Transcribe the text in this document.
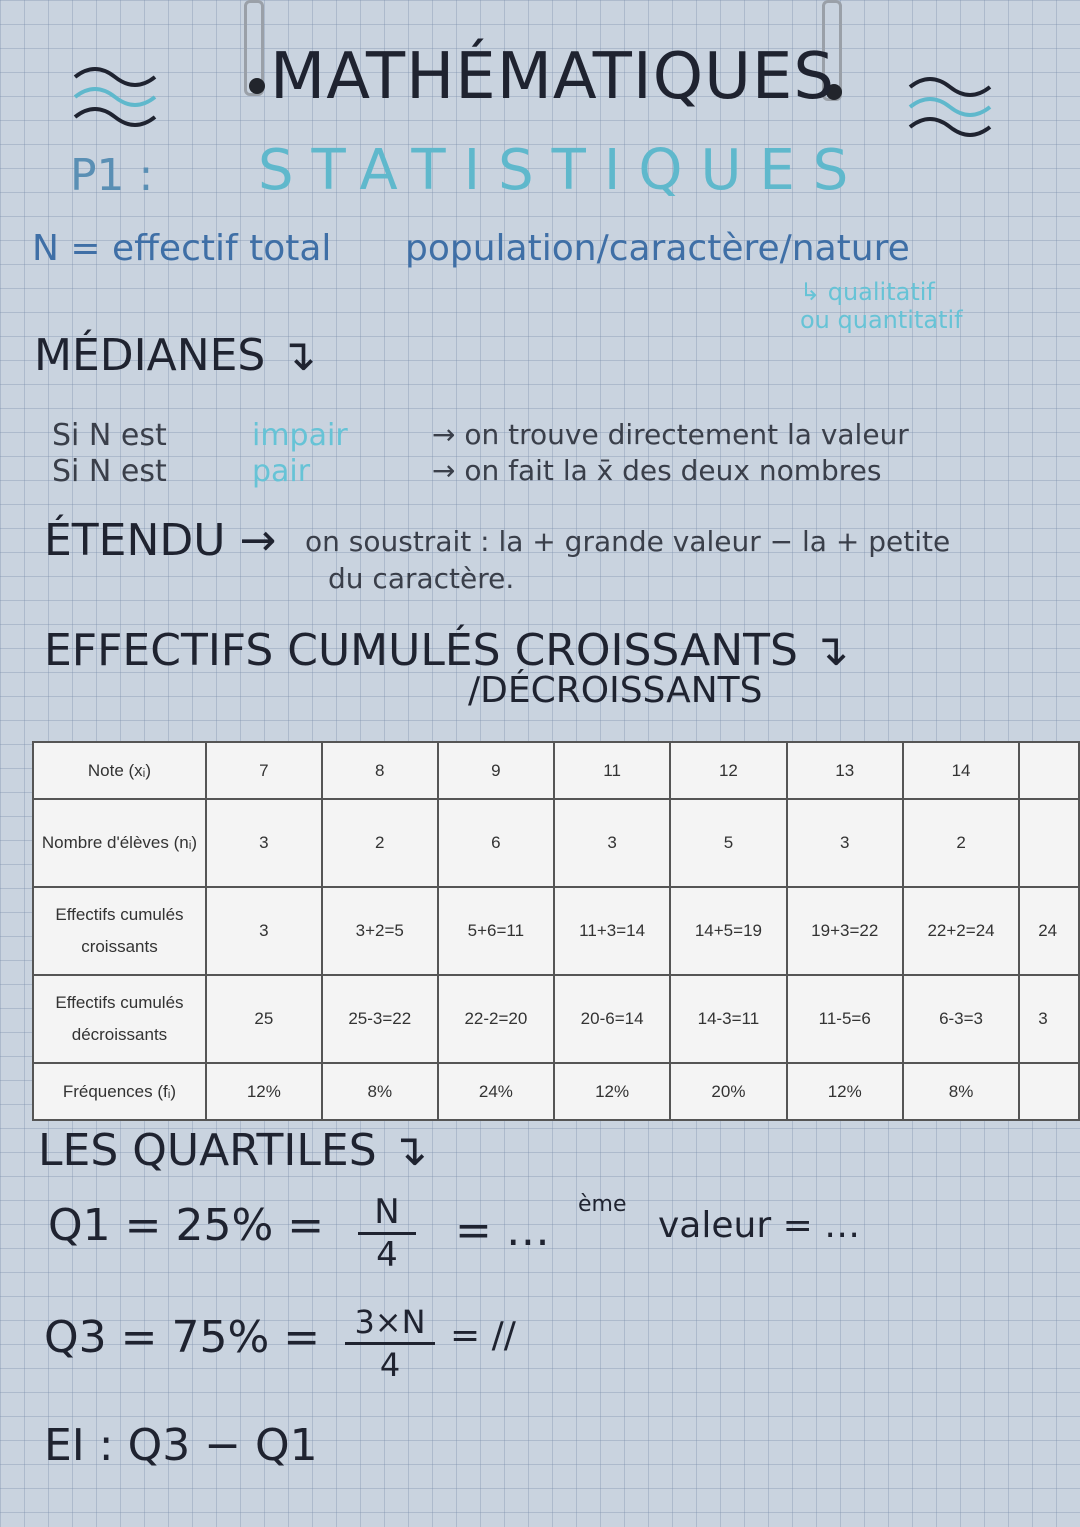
MATHÉMATIQUES
P1 : STATISTIQUES
N = effectif total population/caractère/nature
↳ qualitatif
ou quantitatif
MÉDIANES ↴
Si N est	impair	→ on trouve directement la valeur
Si N est	pair	→ on fait la x̄ des deux nombres
ÉTENDU → on soustrait : la + grande valeur − la + petite
du caractère.
EFFECTIFS CUMULÉS CROISSANTS ↴
/DÉCROISSANTS
Note (xᵢ)	7	8	9	11	12	13	14	
Nombre d'élèves (nᵢ)	3	2	6	3	5	3	2	
Effectifs cumulés croissants	3	3+2=5	5+6=11	11+3=14	14+5=19	19+3=22	22+2=24	24
Effectifs cumulés décroissants	25	25-3=22	22-2=20	20-6=14	14-3=11	11-5=6	6-3=3	3
Fréquences (fᵢ)	12%	8%	24%	12%	20%	12%	8%	
LES QUARTILES ↴
Q1 = 25% =	N
4	= …
ème
valeur = …
Q3 = 75% = 3×N
4
= //
EI : Q3 − Q1
